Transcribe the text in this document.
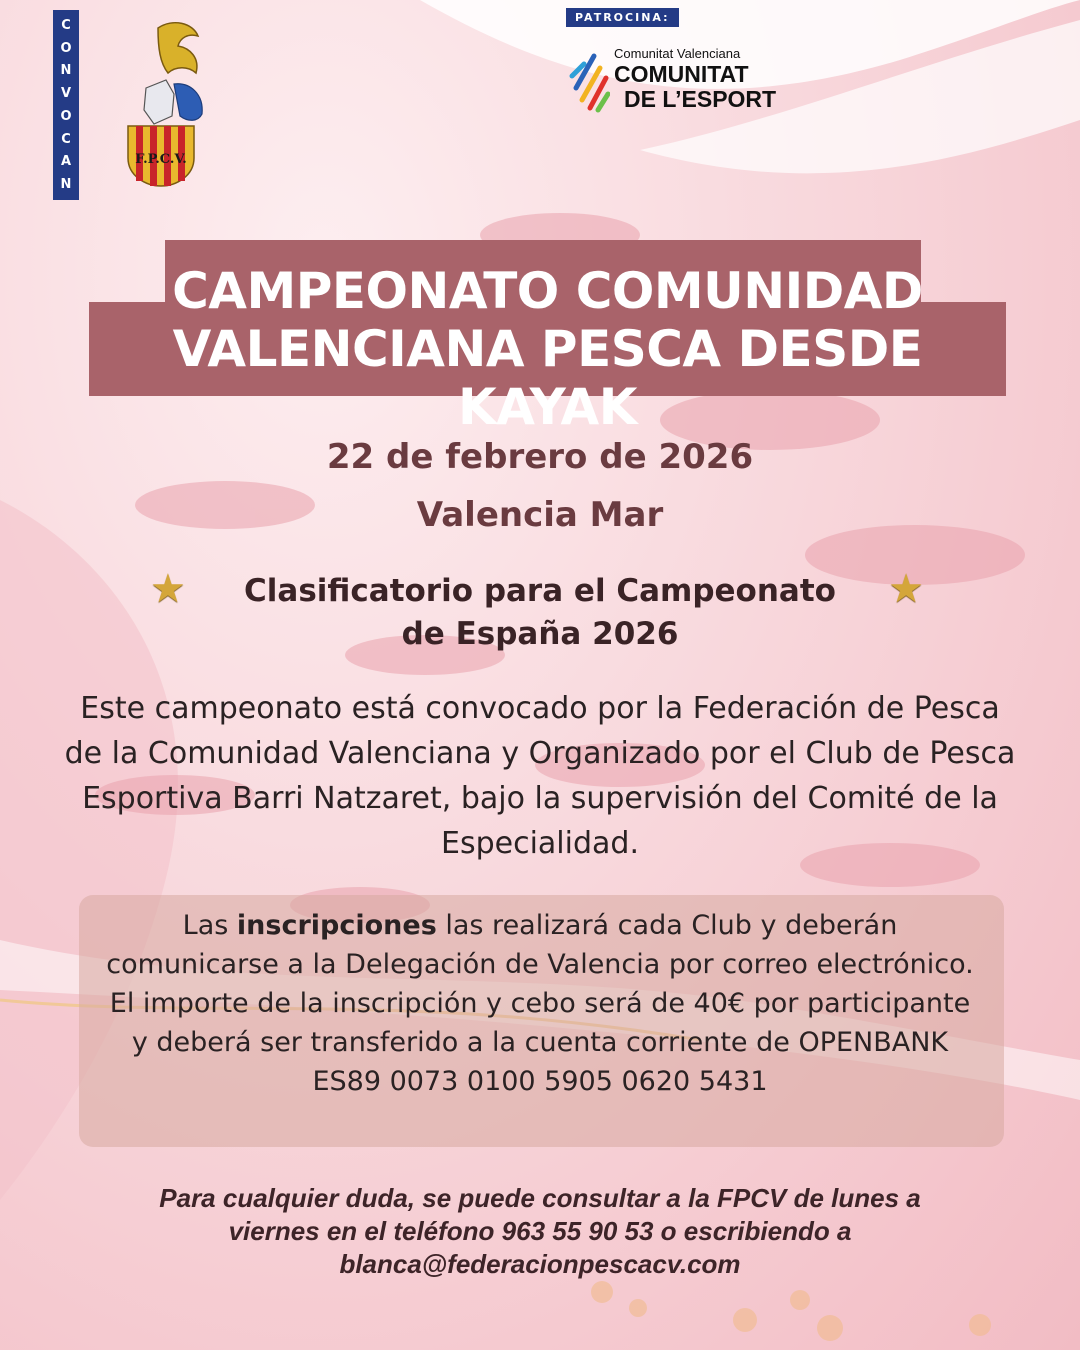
C
O
N
V
O
C
A
N
F.P.C.V.
PATROCINA:
Comunitat Valenciana
COMUNITAT
DE L’ESPORT
CAMPEONATO COMUNIDAD
VALENCIANA PESCA DESDE KAYAK
22 de febrero de 2026
Valencia Mar
★	★
Clasificatorio para el Campeonato
de España 2026
Este campeonato está convocado por la Federación de Pesca de la Comunidad Valenciana y Organizado por el Club de Pesca Esportiva Barri Natzaret, bajo la supervisión del Comité de la Especialidad.
Las inscripciones las realizará cada Club y deberán comunicarse a la Delegación de Valencia por correo electrónico.
El importe de la inscripción y cebo será de 40€ por participante y deberá ser transferido a la cuenta corriente de OPENBANK ES89 0073 0100 5905 0620 5431
Para cualquier duda, se puede consultar a la FPCV de lunes a
viernes en el teléfono 963 55 90 53 o escribiendo a
blanca@federacionpescacv.com
